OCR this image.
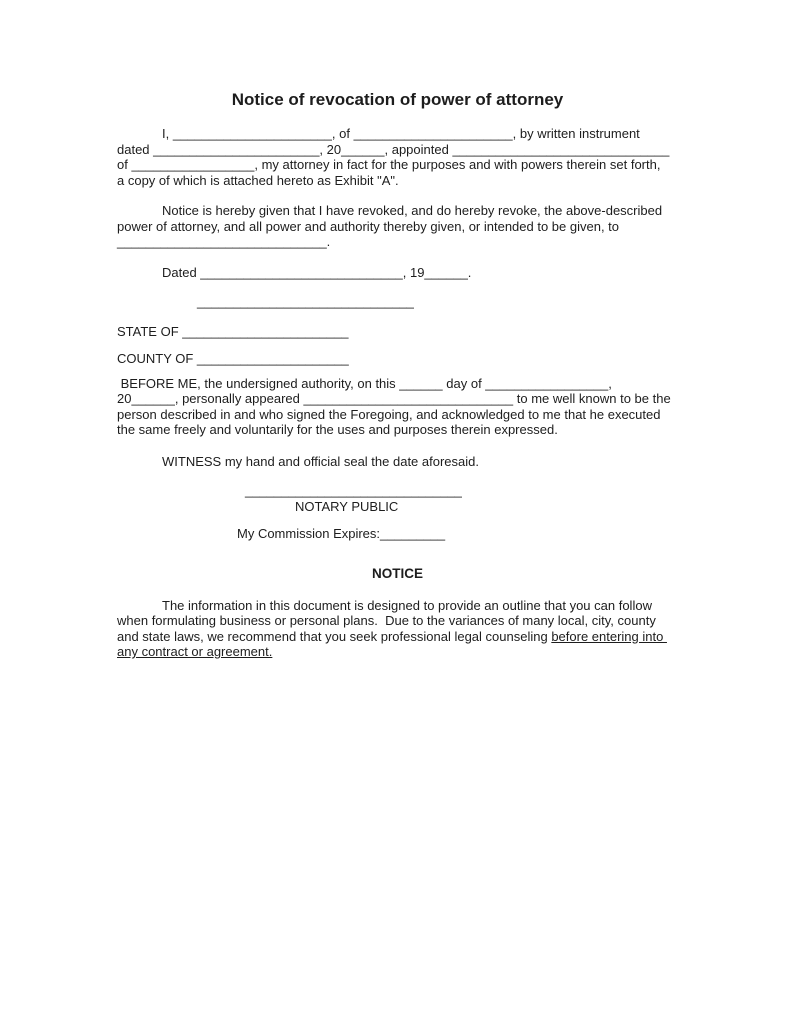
Notice of revocation of power of attorney
I, ______________________, of ______________________, by written instrument
dated _______________________, 20______, appointed ______________________________
of _________________, my attorney in fact for the purposes and with powers therein set forth,
a copy of which is attached hereto as Exhibit "A".
Notice is hereby given that I have revoked, and do hereby revoke, the above-described
power of attorney, and all power and authority thereby given, or intended to be given, to
_____________________________.
Dated ____________________________, 19______.
______________________________
STATE OF _______________________
COUNTY OF _____________________
BEFORE ME, the undersigned authority, on this ______ day of _________________,
20______, personally appeared _____________________________ to me well known to be the
person described in and who signed the Foregoing, and acknowledged to me that he executed
the same freely and voluntarily for the uses and purposes therein expressed.
WITNESS my hand and official seal the date aforesaid.
______________________________
NOTARY PUBLIC
My Commission Expires:_________
NOTICE
The information in this document is designed to provide an outline that you can follow
when formulating business or personal plans.  Due to the variances of many local, city, county
and state laws, we recommend that you seek professional legal counseling before entering into
any contract or agreement.
